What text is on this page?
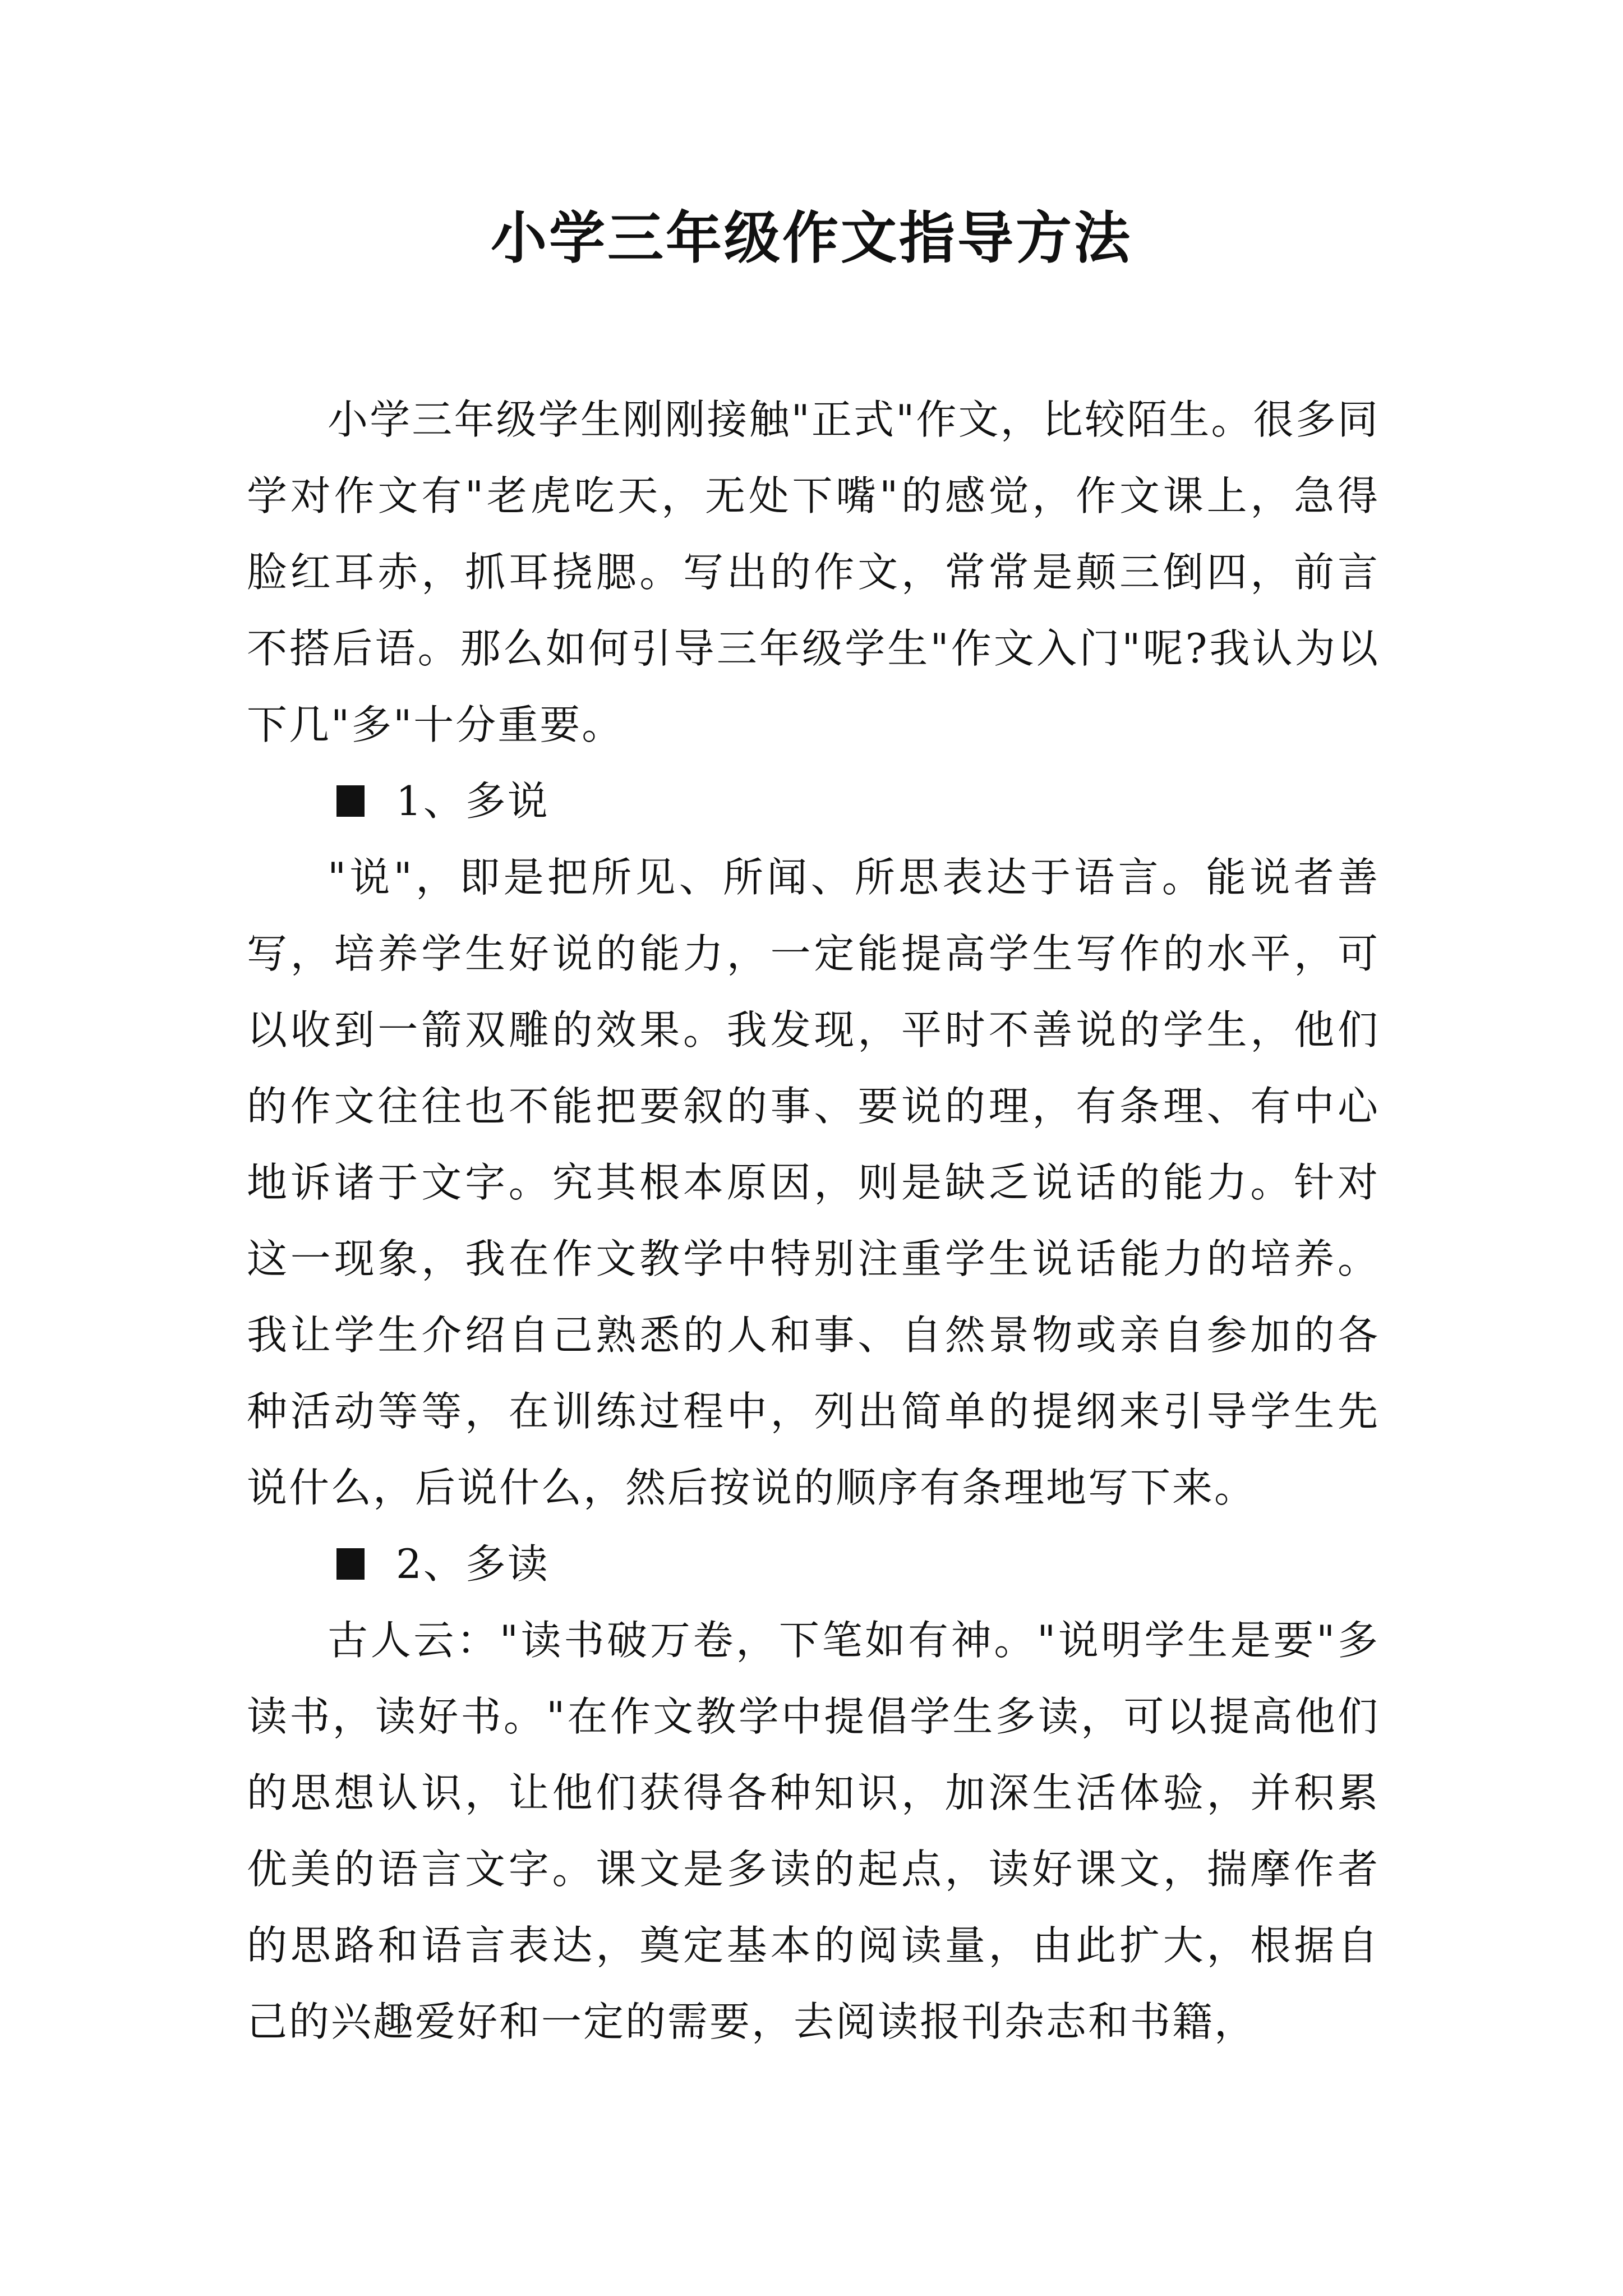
小学三年级作文指导方法

小学三年级学生刚刚接触"正式"作文，比较陌生。很多同学对作文有"老虎吃天，无处下嘴"的感觉，作文课上，急得脸红耳赤，抓耳挠腮。写出的作文，常常是颠三倒四，前言不搭后语。那么如何引导三年级学生"作文入门"呢?我认为以下几"多"十分重要。

1、多说

"说"，即是把所见、所闻、所思表达于语言。能说者善写，培养学生好说的能力，一定能提高学生写作的水平，可以收到一箭双雕的效果。我发现，平时不善说的学生，他们的作文往往也不能把要叙的事、要说的理，有条理、有中心地诉诸于文字。究其根本原因，则是缺乏说话的能力。针对这一现象，我在作文教学中特别注重学生说话能力的培养。我让学生介绍自己熟悉的人和事、自然景物或亲自参加的各种活动等等，在训练过程中，列出简单的提纲来引导学生先说什么，后说什么，然后按说的顺序有条理地写下来。

2、多读

古人云："读书破万卷，下笔如有神。"说明学生是要"多读书，读好书。"在作文教学中提倡学生多读，可以提高他们的思想认识，让他们获得各种知识，加深生活体验，并积累优美的语言文字。课文是多读的起点，读好课文，揣摩作者的思路和语言表达，奠定基本的阅读量，由此扩大，根据自己的兴趣爱好和一定的需要，去阅读报刊杂志和书籍，
